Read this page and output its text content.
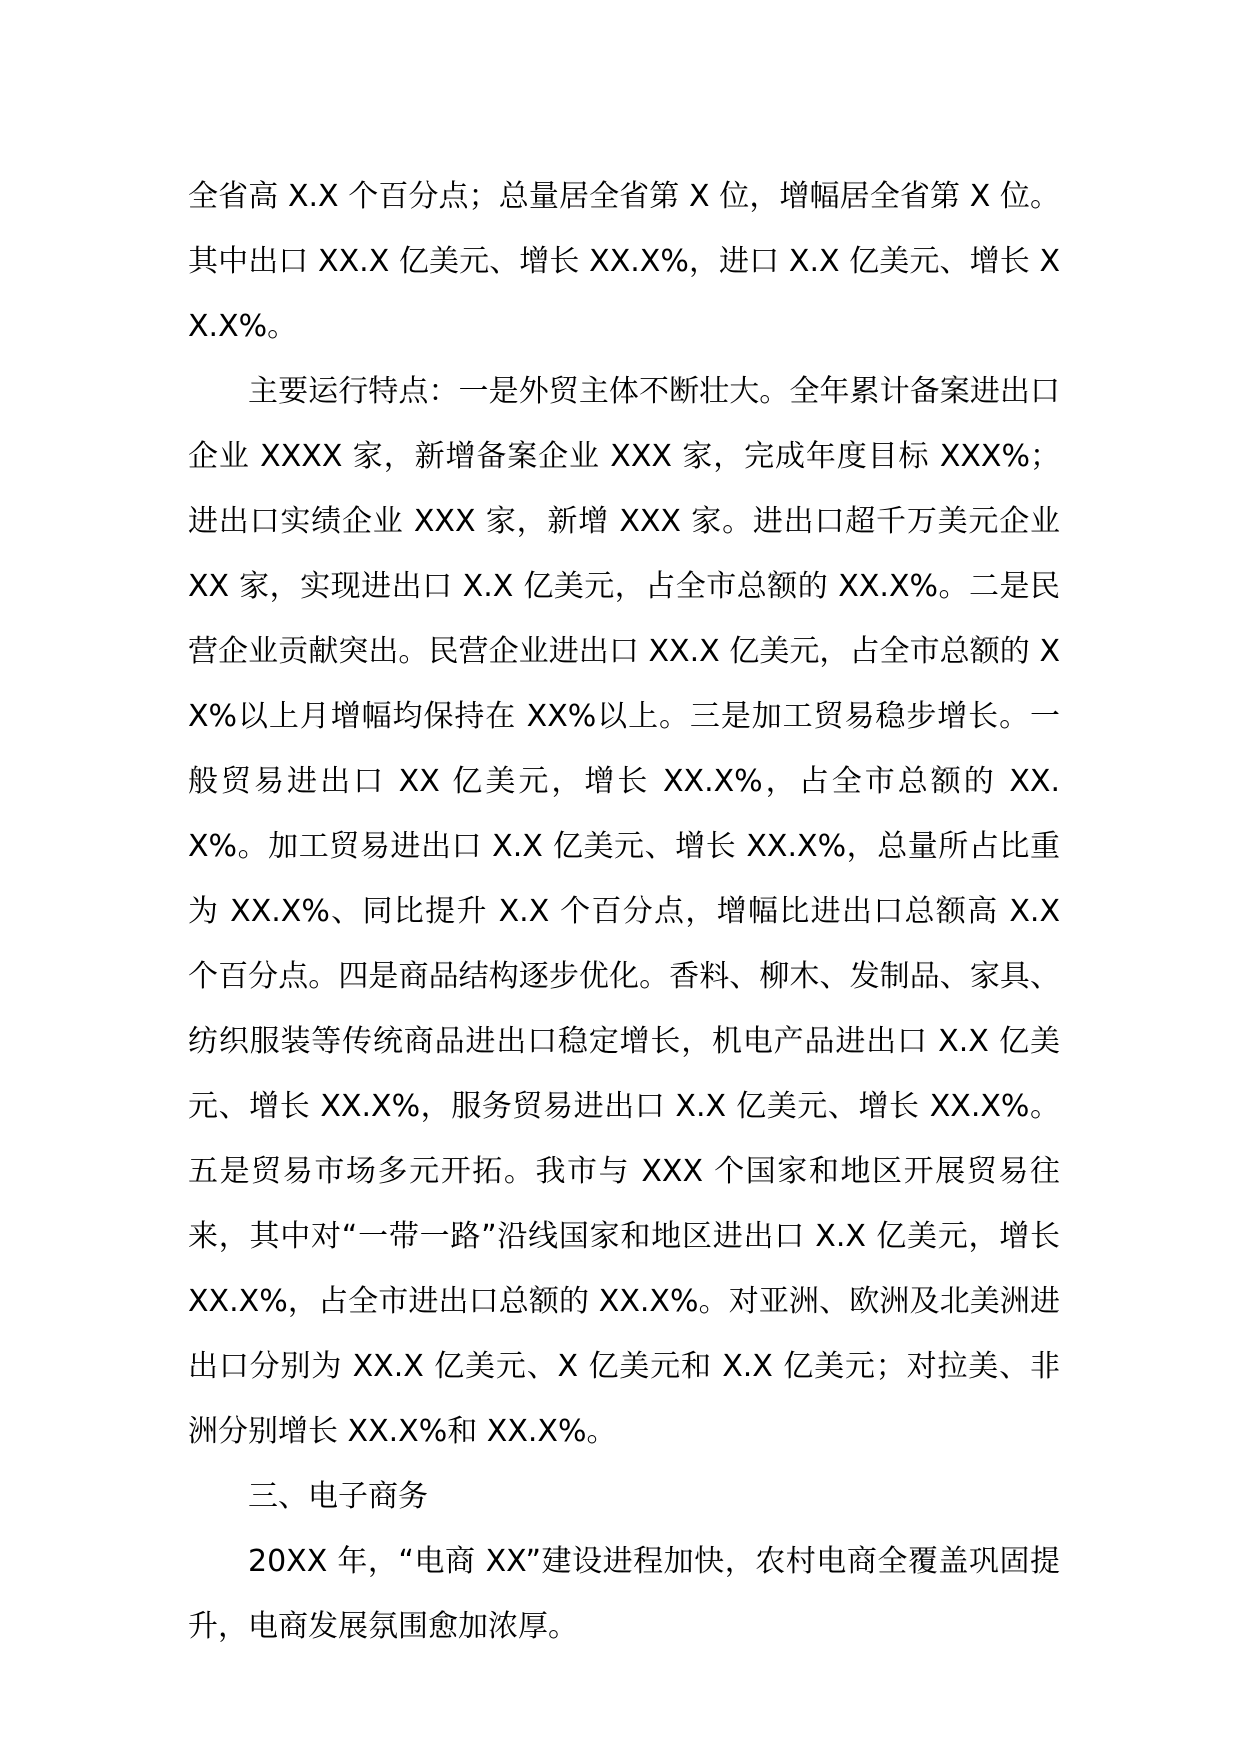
全省高 X.X 个百分点；总量居全省第 X 位，增幅居全省第 X 位。其中出口 XX.X 亿美元、增长 XX.X%，进口 X.X 亿美元、增长 XX.X%。

主要运行特点：一是外贸主体不断壮大。全年累计备案进出口企业 XXXX 家，新增备案企业 XXX 家，完成年度目标 XXX%；进出口实绩企业 XXX 家，新增 XXX 家。进出口超千万美元企业 XX 家，实现进出口 X.X 亿美元，占全市总额的 XX.X%。二是民营企业贡献突出。民营企业进出口 XX.X 亿美元，占全市总额的 XX%以上月增幅均保持在 XX%以上。三是加工贸易稳步增长。一般贸易进出口 XX 亿美元，增长 XX.X%，占全市总额的 XX.X%。加工贸易进出口 X.X 亿美元、增长 XX.X%，总量所占比重为 XX.X%、同比提升 X.X 个百分点，增幅比进出口总额高 X.X 个百分点。四是商品结构逐步优化。香料、柳木、发制品、家具、纺织服装等传统商品进出口稳定增长，机电产品进出口 X.X 亿美元、增长 XX.X%，服务贸易进出口 X.X 亿美元、增长 XX.X%。五是贸易市场多元开拓。我市与 XXX 个国家和地区开展贸易往来，其中对“一带一路”沿线国家和地区进出口 X.X 亿美元，增长 XX.X%，占全市进出口总额的 XX.X%。对亚洲、欧洲及北美洲进出口分别为 XX.X 亿美元、X 亿美元和 X.X 亿美元；对拉美、非洲分别增长 XX.X%和 XX.X%。

三、电子商务

20XX 年，“电商 XX”建设进程加快，农村电商全覆盖巩固提升，电商发展氛围愈加浓厚。
